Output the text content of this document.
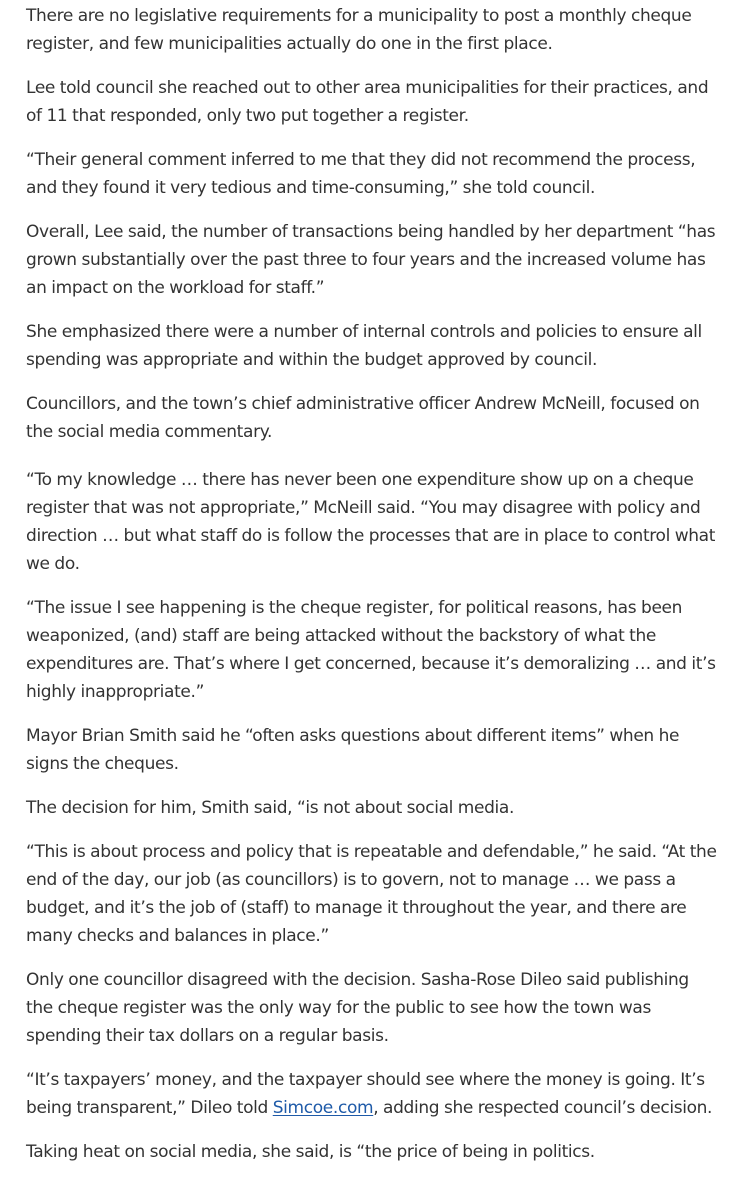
There are no legislative requirements for a municipality to post a monthly cheque register, and few municipalities actually do one in the first place.

Lee told council she reached out to other area municipalities for their practices, and of 11 that responded, only two put together a register.

“Their general comment inferred to me that they did not recommend the process, and they found it very tedious and time-consuming,” she told council.

Overall, Lee said, the number of transactions being handled by her department “has grown substantially over the past three to four years and the increased volume has an impact on the workload for staff.”

She emphasized there were a number of internal controls and policies to ensure all spending was appropriate and within the budget approved by council.

Councillors, and the town’s chief administrative officer Andrew McNeill, focused on the social media commentary.

“To my knowledge … there has never been one expenditure show up on a cheque register that was not appropriate,” McNeill said. “You may disagree with policy and direction … but what staff do is follow the processes that are in place to control what we do.

“The issue I see happening is the cheque register, for political reasons, has been weaponized, (and) staff are being attacked without the backstory of what the expenditures are. That’s where I get concerned, because it’s demoralizing … and it’s highly inappropriate.”

Mayor Brian Smith said he “often asks questions about different items” when he signs the cheques.

The decision for him, Smith said, “is not about social media.

“This is about process and policy that is repeatable and defendable,” he said. “At the end of the day, our job (as councillors) is to govern, not to manage … we pass a budget, and it’s the job of (staff) to manage it throughout the year, and there are many checks and balances in place.”

Only one councillor disagreed with the decision. Sasha-Rose Dileo said publishing the cheque register was the only way for the public to see how the town was spending their tax dollars on a regular basis.

“It’s taxpayers’ money, and the taxpayer should see where the money is going. It’s being transparent,” Dileo told Simcoe.com, adding she respected council’s decision.

Taking heat on social media, she said, is “the price of being in politics.
